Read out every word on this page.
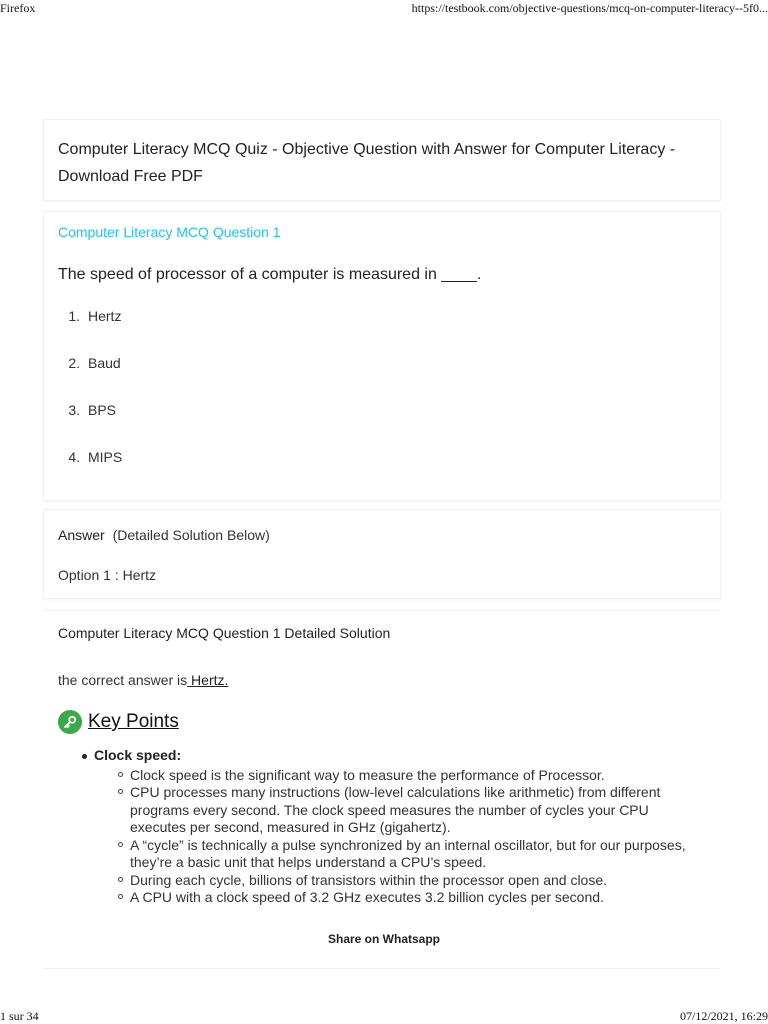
Firefox	https://testbook.com/objective-questions/mcq-on-computer-literacy--5f0...
Computer Literacy MCQ Quiz - Objective Question with Answer for Computer Literacy - Download Free PDF
Computer Literacy MCQ Question 1
The speed of processor of a computer is measured in ____.
1. Hertz
2. Baud
3. BPS
4. MIPS
Answer (Detailed Solution Below)
Option 1 : Hertz
Computer Literacy MCQ Question 1 Detailed Solution
the correct answer is Hertz.
Key Points
Clock speed:
Clock speed is the significant way to measure the performance of Processor.
CPU processes many instructions (low-level calculations like arithmetic) from different programs every second. The clock speed measures the number of cycles your CPU executes per second, measured in GHz (gigahertz).
A “cycle” is technically a pulse synchronized by an internal oscillator, but for our purposes, they’re a basic unit that helps understand a CPU’s speed.
During each cycle, billions of transistors within the processor open and close.
A CPU with a clock speed of 3.2 GHz executes 3.2 billion cycles per second.
Share on Whatsapp
1 sur 34	07/12/2021, 16:29
